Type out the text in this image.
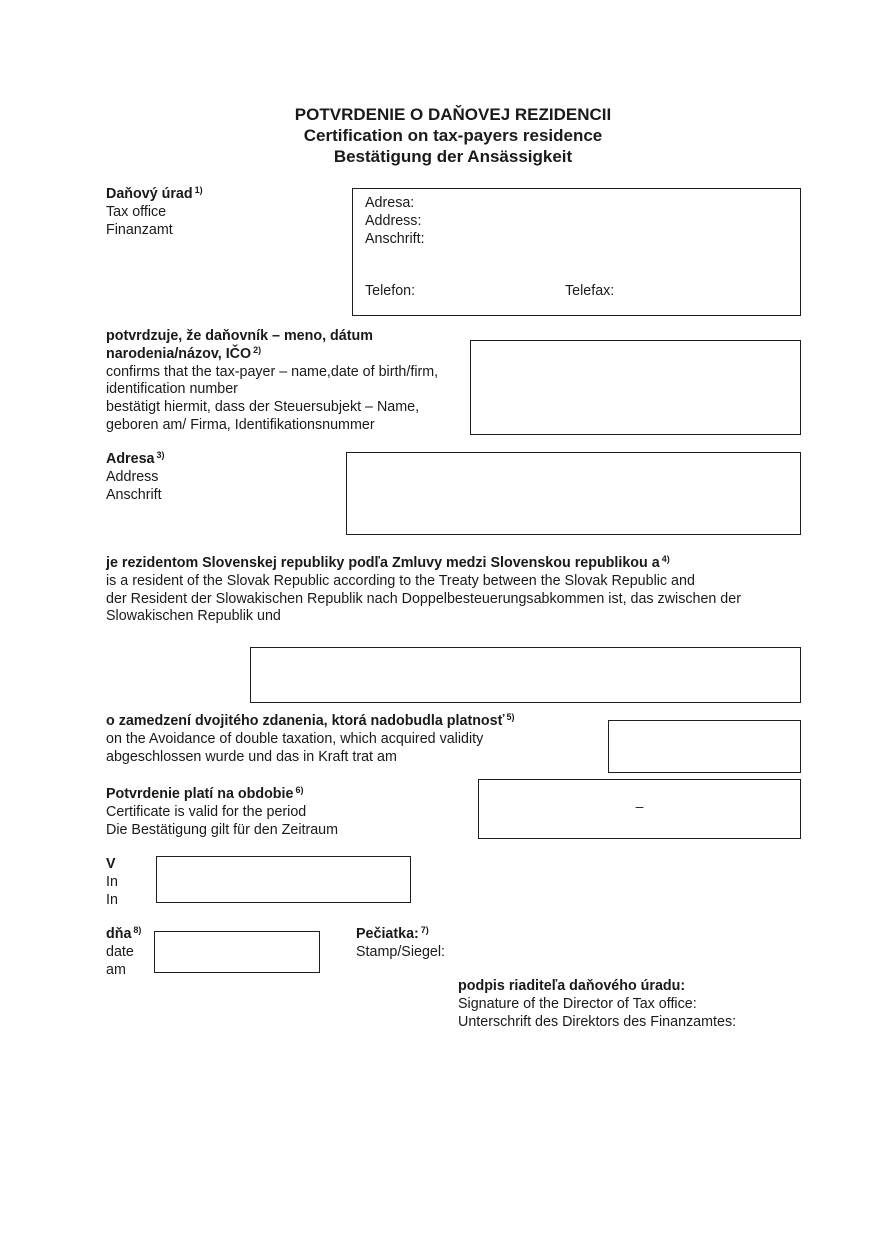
POTVRDENIE O DAŇOVEJ REZIDENCII
Certification on tax-payers residence
Bestätigung der Ansässigkeit
Daňový úrad $^{1)}$
Tax office
Finanzamt
Adresa:
Address:
Anschrift:
Telefon:	Telefax:
potvrdzuje, že daňovník – meno, dátum
narodenia/názov, IČO $^{2)}$
confirms that the tax-payer – name,date of birth/firm,
identification number
bestätigt hiermit, dass der Steuersubjekt – Name,
geboren am/ Firma, Identifikationsnummer
Adresa $^{3)}$
Address
Anschrift
je rezidentom Slovenskej republiky podľa Zmluvy medzi Slovenskou republikou a $^{4)}$
is a resident of the Slovak Republic according to the Treaty between the Slovak Republic and
der Resident der Slowakischen Republik nach Doppelbesteuerungsabkommen ist, das zwischen der
Slowakischen Republik und
o zamedzení dvojitého zdanenia, ktorá nadobudla platnosť $^{5)}$
on the Avoidance of double taxation, which acquired validity
abgeschlossen wurde und das in Kraft trat am
Potvrdenie platí na obdobie $^{6)}$
Certificate is valid for the period
Die Bestätigung gilt für den Zeitraum
–
V
In
In
dňa $^{8)}$
date
am
Pečiatka: $^{7)}$
Stamp/Siegel:
podpis riaditeľa daňového úradu:
Signature of the Director of Tax office:
Unterschrift des Direktors des Finanzamtes:
